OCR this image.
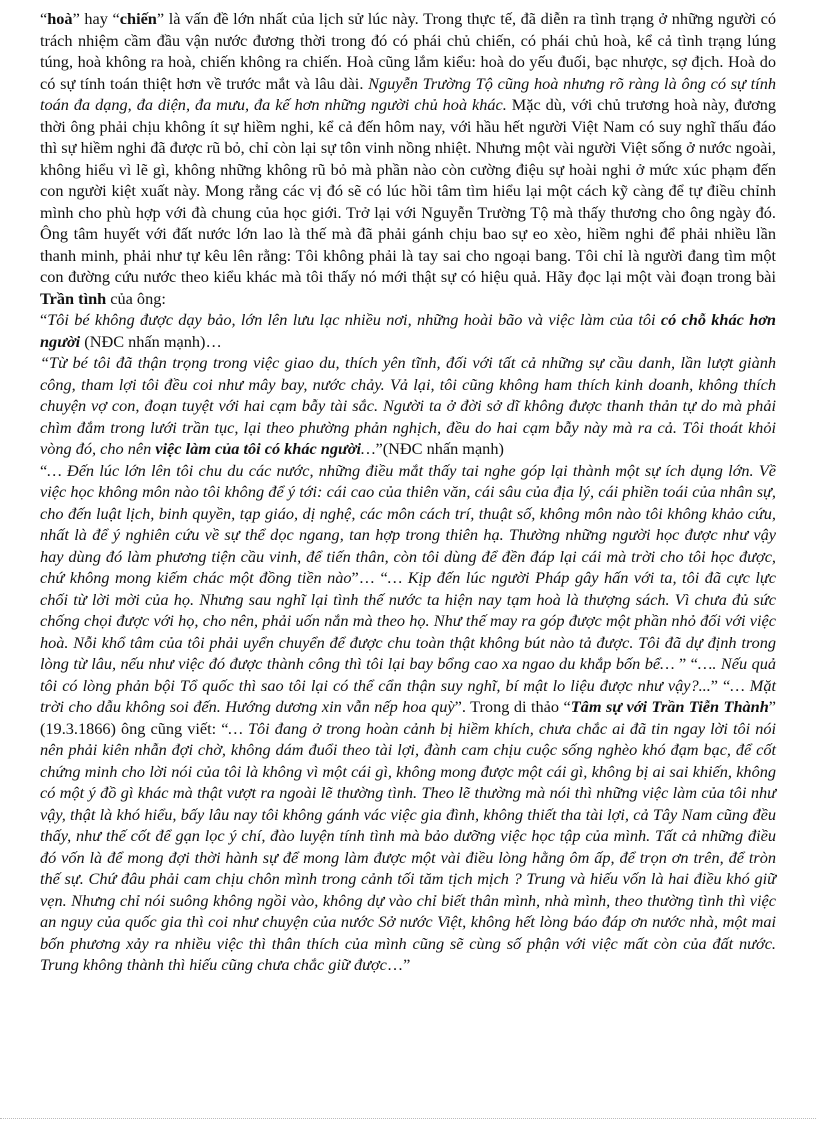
“hoà” hay “chiến” là vấn đề lớn nhất của lịch sử lúc này. Trong thực tế, đã diễn ra tình trạng ở những người có trách nhiệm cầm đầu vận nước đương thời trong đó có phái chủ chiến, có phái chủ hoà, kể cả tình trạng lúng túng, hoà không ra hoà, chiến không ra chiến. Hoà cũng lắm kiểu: hoà do yếu đuối, bạc nhược, sợ địch. Hoà do có sự tính toán thiệt hơn về trước mắt và lâu dài. Nguyễn Trường Tộ cũng hoà nhưng rõ ràng là ông có sự tính toán đa dạng, đa diện, đa mưu, đa kế hơn những người chủ hoà khác. Mặc dù, với chủ trương hoà này, đương thời ông phải chịu không ít sự hiềm nghi, kể cả đến hôm nay, với hầu hết người Việt Nam có suy nghĩ thấu đáo thì sự hiềm nghi đã được rũ bỏ, chỉ còn lại sự tôn vinh nồng nhiệt. Nhưng một vài người Việt sống ở nước ngoài, không hiểu vì lẽ gì, không những không rũ bỏ mà phần nào còn cường điệu sự hoài nghi ở mức xúc phạm đến con người kiệt xuất này. Mong rằng các vị đó sẽ có lúc hồi tâm tìm hiểu lại một cách kỹ càng để tự điều chỉnh mình cho phù hợp với đà chung của học giới. Trở lại với Nguyễn Trường Tộ mà thấy thương cho ông ngày đó. Ông tâm huyết với đất nước lớn lao là thế mà đã phải gánh chịu bao sự eo xèo, hiềm nghi để phải nhiều lần thanh minh, phải như tự kêu lên rằng: Tôi không phải là tay sai cho ngoại bang. Tôi chỉ là người đang tìm một con đường cứu nước theo kiểu khác mà tôi thấy nó mới thật sự có hiệu quả. Hãy đọc lại một vài đoạn trong bài Trần tình của ông:

“Tôi bé không được dạy bảo, lớn lên lưu lạc nhiều nơi, những hoài bão và việc làm của tôi có chỗ khác hơn người (NĐC nhấn mạnh)…

“Từ bé tôi đã thận trọng trong việc giao du, thích yên tĩnh, đối với tất cả những sự cầu danh, lần lượt giành công, tham lợi tôi đều coi như mây bay, nước chảy. Vả lại, tôi cũng không ham thích kinh doanh, không thích chuyện vợ con, đoạn tuyệt với hai cạm bẫy tài sắc. Người ta ở đời sở dĩ không được thanh thản tự do mà phải chìm đắm trong lưới trần tục, lại theo phường phản nghịch, đều do hai cạm bẫy này mà ra cả. Tôi thoát khỏi vòng đó, cho nên việc làm của tôi có khác người…”(NĐC nhấn mạnh)

“… Đến lúc lớn lên tôi chu du các nước, những điều mắt thấy tai nghe góp lại thành một sự ích dụng lớn. Về việc học không môn nào tôi không để ý tới: cái cao của thiên văn, cái sâu của địa lý, cái phiền toái của nhân sự, cho đến luật lịch, binh quyền, tạp giáo, dị nghệ, các môn cách trí, thuật số, không môn nào tôi không khảo cứu, nhất là để ý nghiên cứu về sự thể dọc ngang, tan hợp trong thiên hạ. Thường những người học được như vậy hay dùng đó làm phương tiện cầu vinh, để tiến thân, còn tôi dùng để đền đáp lại cái mà trời cho tôi học được, chứ không mong kiếm chác một đồng tiền nào”… “… Kịp đến lúc người Pháp gây hấn với ta, tôi đã cực lực chối từ lời mời của họ. Nhưng sau nghĩ lại tình thế nước ta hiện nay tạm hoà là thượng sách. Vì chưa đủ sức chống chọi được với họ, cho nên, phải uốn nắn mà theo họ. Như thế may ra góp được một phần nhỏ đối với việc hoà. Nỗi khổ tâm của tôi phải uyển chuyển để được chu toàn thật không bút nào tả được. Tôi đã dự định trong lòng từ lâu, nếu như việc đó được thành công thì tôi lại bay bổng cao xa ngao du khắp bốn bể… ” “…. Nếu quả tôi có lòng phản bội Tổ quốc thì sao tôi lại có thể cẩn thận suy nghĩ, bí mật lo liệu được như vậy?...” “… Mặt trời cho dẫu không soi đến. Hướng dương xin vẫn nếp hoa quỳ”. Trong di thảo “Tâm sự với Trần Tiễn Thành” (19.3.1866) ông cũng viết: “… Tôi đang ở trong hoàn cảnh bị hiềm khích, chưa chắc ai đã tin ngay lời tôi nói nên phải kiên nhẫn đợi chờ, không dám đuổi theo tài lợi, đành cam chịu cuộc sống nghèo khó đạm bạc, để cốt chứng minh cho lời nói của tôi là không vì một cái gì, không mong được một cái gì, không bị ai sai khiến, không có một ý đồ gì khác mà thật vượt ra ngoài lẽ thường tình. Theo lẽ thường mà nói thì những việc làm của tôi như vậy, thật là khó hiểu, bấy lâu nay tôi không gánh vác việc gia đình, không thiết tha tài lợi, cả Tây Nam cũng đều thấy, như thế cốt để gạn lọc ý chí, đào luyện tính tình mà bảo dưỡng việc học tập của mình. Tất cả những điều đó vốn là để mong đợi thời hành sự để mong làm được một vài điều lòng hằng ôm ấp, để trọn ơn trên, để tròn thế sự. Chứ đâu phải cam chịu chôn mình trong cảnh tối tăm tịch mịch ? Trung và hiếu vốn là hai điều khó giữ vẹn. Nhưng chỉ nói suông không ngồi vào, không dự vào chỉ biết thân mình, nhà mình, theo thường tình thì việc an nguy của quốc gia thì coi như chuyện của nước Sở nước Việt, không hết lòng báo đáp ơn nước nhà, một mai bốn phương xảy ra nhiều việc thì thân thích của mình cũng sẽ cùng số phận với việc mất còn của đất nước. Trung không thành thì hiếu cũng chưa chắc giữ được…”
